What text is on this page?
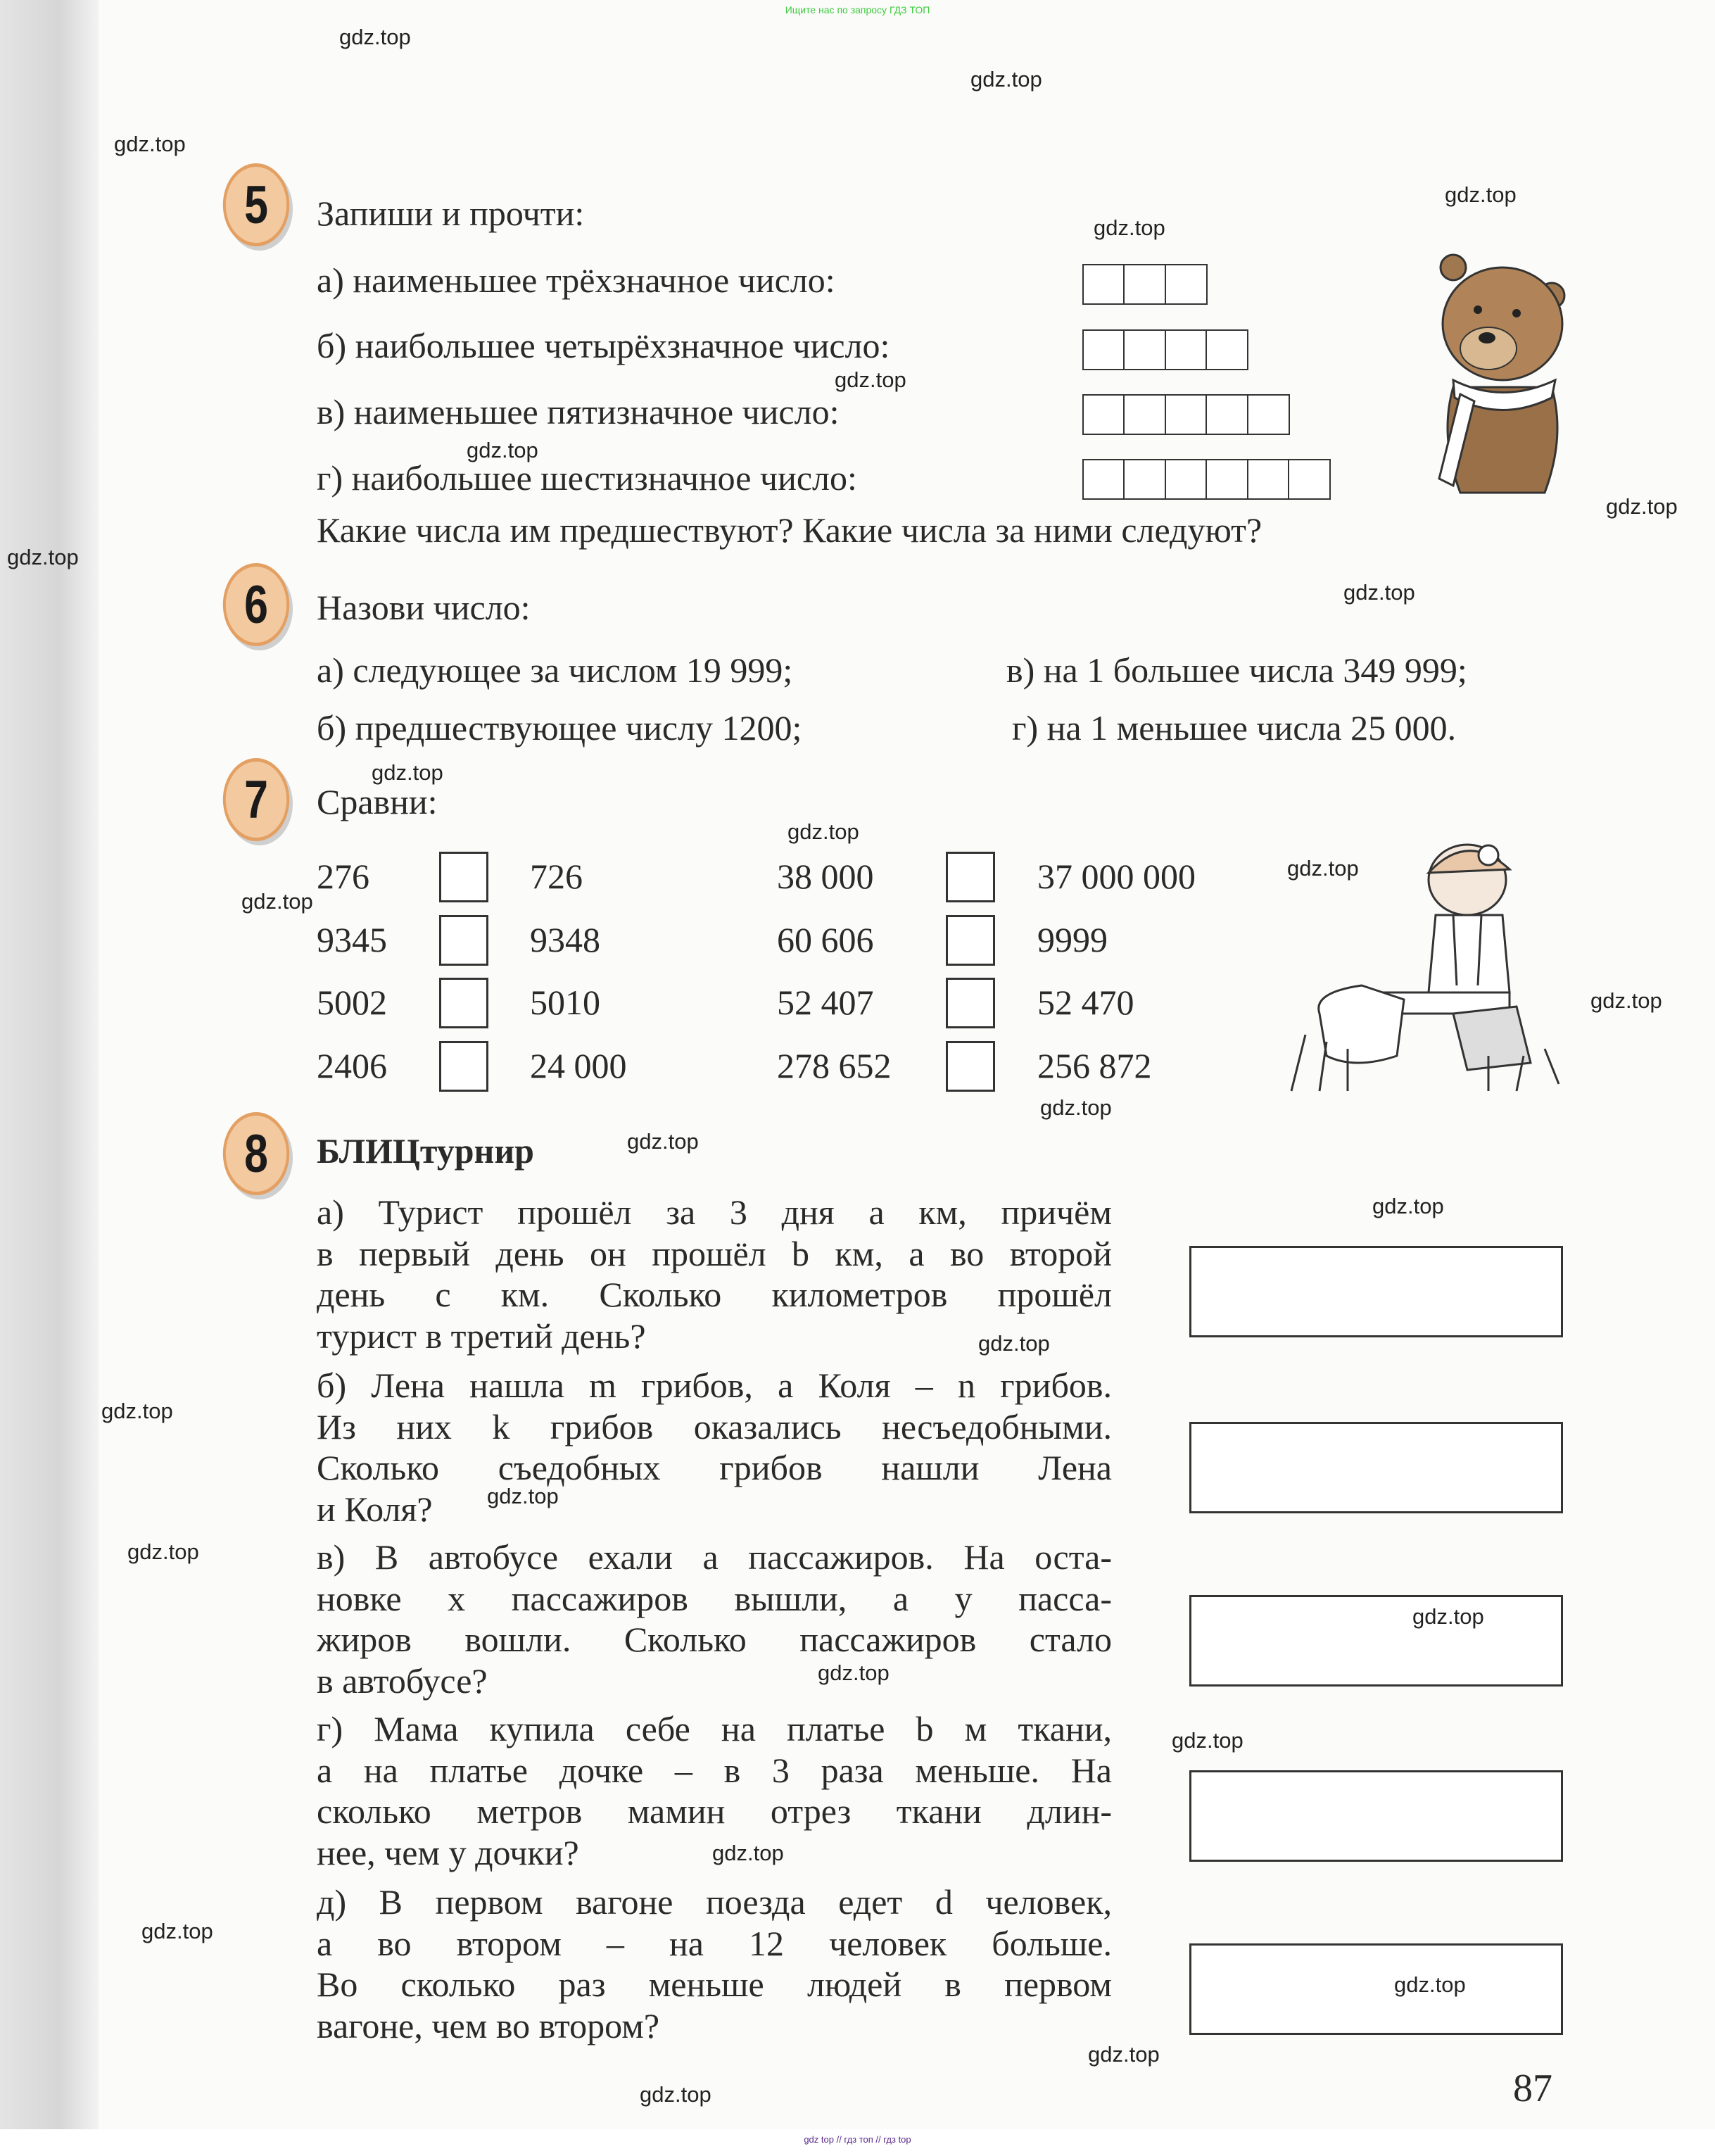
Ищите нас по запросу ГДЗ ТОП
5	Запиши и прочти:
а) наименьшее трёхзначное число:
б) наибольшее четырёхзначное число:
в) наименьшее пятизначное число:
г) наибольшее шестизначное число:
Какие числа им предшествуют? Какие числа за ними следуют?
6	Назови число:
а) следующее за числом 19 999;	в) на 1 большее числа 349 999;
б) предшествующее числу 1200;	г) на 1 меньшее числа 25 000.
7	Сравни:
276	726	38 000	37 000 000
9345	9348	60 606	9999
5002	5010	52 407	52 470
2406	24 000	278 652	256 872
8	БЛИЦтурнир
а) Турист прошёл за 3 дня a км, причём
в первый день он прошёл b км, а во второй
день c км. Сколько километров прошёл
турист в третий день?
б) Лена нашла m грибов, а Коля – n грибов.
Из них k грибов оказались несъедобными.
Сколько съедобных грибов нашли Лена
и Коля?
в) В автобусе ехали a пассажиров. На оста-
новке x пассажиров вышли, а y пасса-
жиров вошли. Сколько пассажиров стало
в автобусе?
г) Мама купила себе на платье b м ткани,
а на платье дочке – в 3 раза меньше. На
сколько метров мамин отрез ткани длин-
нее, чем у дочки?
д) В первом вагоне поезда едет d человек,
а во втором – на 12 человек больше.
Во сколько раз меньше людей в первом
вагоне, чем во втором?
87
gdz top // гдз топ // гдз top
gdz.top
gdz.top
gdz.top
gdz.top
gdz.top
gdz.top
gdz.top
gdz.top
gdz.top
gdz.top
gdz.top
gdz.top
gdz.top
gdz.top
gdz.top
gdz.top
gdz.top
gdz.top
gdz.top
gdz.top
gdz.top
gdz.top
gdz.top
gdz.top
gdz.top
gdz.top
gdz.top
gdz.top
gdz.top
gdz.top
